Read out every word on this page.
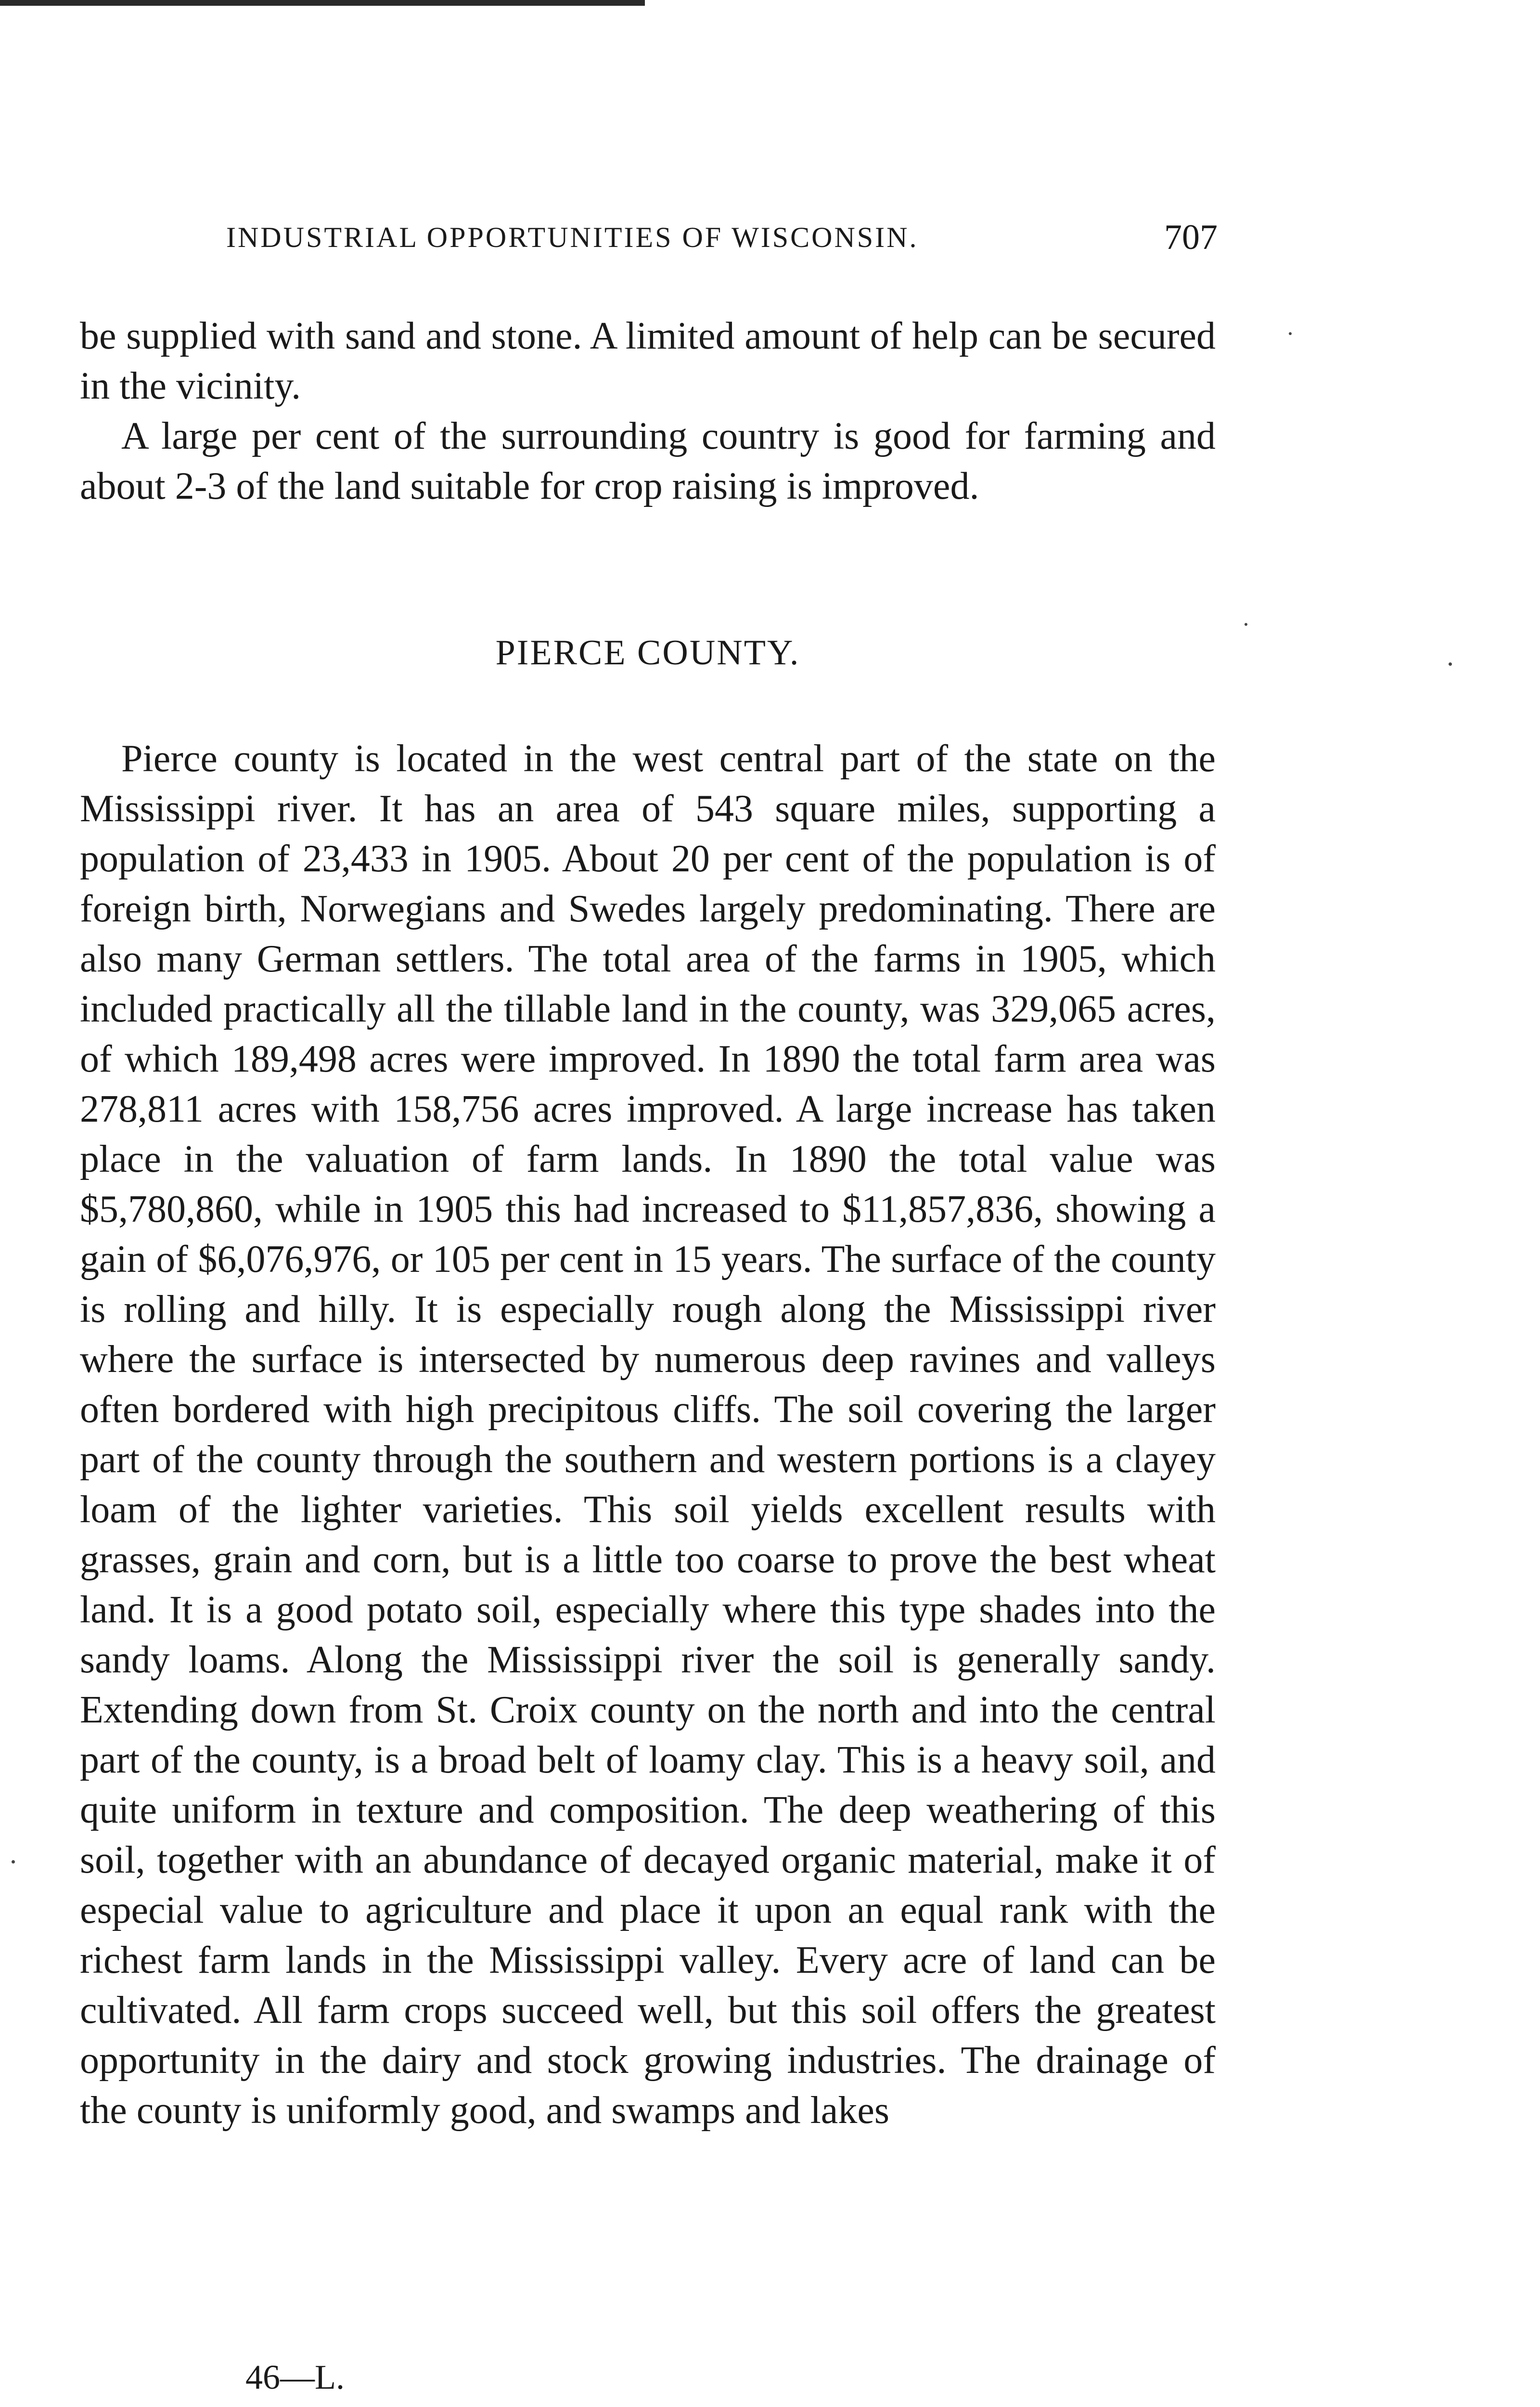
INDUSTRIAL OPPORTUNITIES OF WISCONSIN.	707

be supplied with sand and stone. A limited amount of help can be secured in the vicinity.

A large per cent of the surrounding country is good for farming and about 2-3 of the land suitable for crop raising is improved.

PIERCE COUNTY.

Pierce county is located in the west central part of the state on the Mississippi river. It has an area of 543 square miles, supporting a population of 23,433 in 1905. About 20 per cent of the population is of foreign birth, Norwegians and Swedes largely predominating. There are also many German settlers. The total area of the farms in 1905, which included practically all the tillable land in the county, was 329,065 acres, of which 189,498 acres were improved. In 1890 the total farm area was 278,811 acres with 158,756 acres improved. A large increase has taken place in the valuation of farm lands. In 1890 the total value was $5,780,860, while in 1905 this had increased to $11,857,836, showing a gain of $6,076,976, or 105 per cent in 15 years. The surface of the county is rolling and hilly. It is especially rough along the Mississippi river where the surface is intersected by numerous deep ravines and valleys often bordered with high precipitous cliffs. The soil covering the larger part of the county through the southern and western portions is a clayey loam of the lighter varieties. This soil yields excellent results with grasses, grain and corn, but is a little too coarse to prove the best wheat land. It is a good potato soil, especially where this type shades into the sandy loams. Along the Mississippi river the soil is generally sandy. Extending down from St. Croix county on the north and into the central part of the county, is a broad belt of loamy clay. This is a heavy soil, and quite uniform in texture and composition. The deep weathering of this soil, together with an abundance of decayed organic material, make it of especial value to agriculture and place it upon an equal rank with the richest farm lands in the Mississippi valley. Every acre of land can be cultivated. All farm crops succeed well, but this soil offers the greatest opportunity in the dairy and stock growing industries. The drainage of the county is uniformly good, and swamps and lakes

46—L.
